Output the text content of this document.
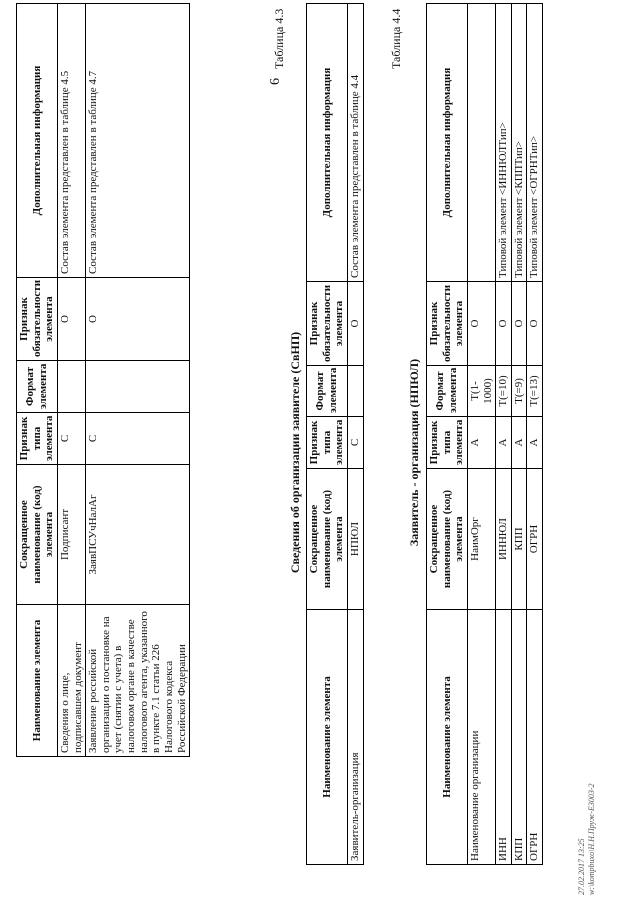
6
Наименование элемента	Сокращенное наименование (код) элемента	Признак типа элемента	Формат элемента	Признак обязательности элемента	Дополнительная информация
Сведения о лице, подписавшем документ	Подписант	С		О	Состав элемента представлен в таблице 4.5
Заявление российской организации о постановке на учет (снятии с учета) в налоговом органе в качестве налогового агента, указанного в пункте 7.1 статьи 226 Налогового кодекса Российской Федерации	ЗаявПСУчНалАг	С		О	Состав элемента представлен в таблице 4.7
Таблица 4.3
Сведения об организации заявителе (СвНП)
Наименование элемента	Сокращенное наименование (код) элемента	Признак типа элемента	Формат элемента	Признак обязательности элемента	Дополнительная информация
Заявитель-организация	НПЮЛ	С		О	Состав элемента представлен в таблице 4.4
Таблица 4.4
Заявитель - организация (НПЮЛ)
Наименование элемента	Сокращенное наименование (код) элемента	Признак типа элемента	Формат элемента	Признак обязательности элемента	Дополнительная информация
Наименование организации	НаимОрг	А	T(1-1000)	О	
ИНН	ИННЮЛ	А	T(=10)	О	Типовой элемент <ИННЮЛТип>
КПП	КПП	А	T(=9)	О	Типовой элемент <КППТип>
ОГРН	ОГРН	А	T(=13)	О	Типовой элемент <ОГРНТип>
27.02.2017 13:25 w:\kompbuxo\Н.Н.Пруж-E3003-2
